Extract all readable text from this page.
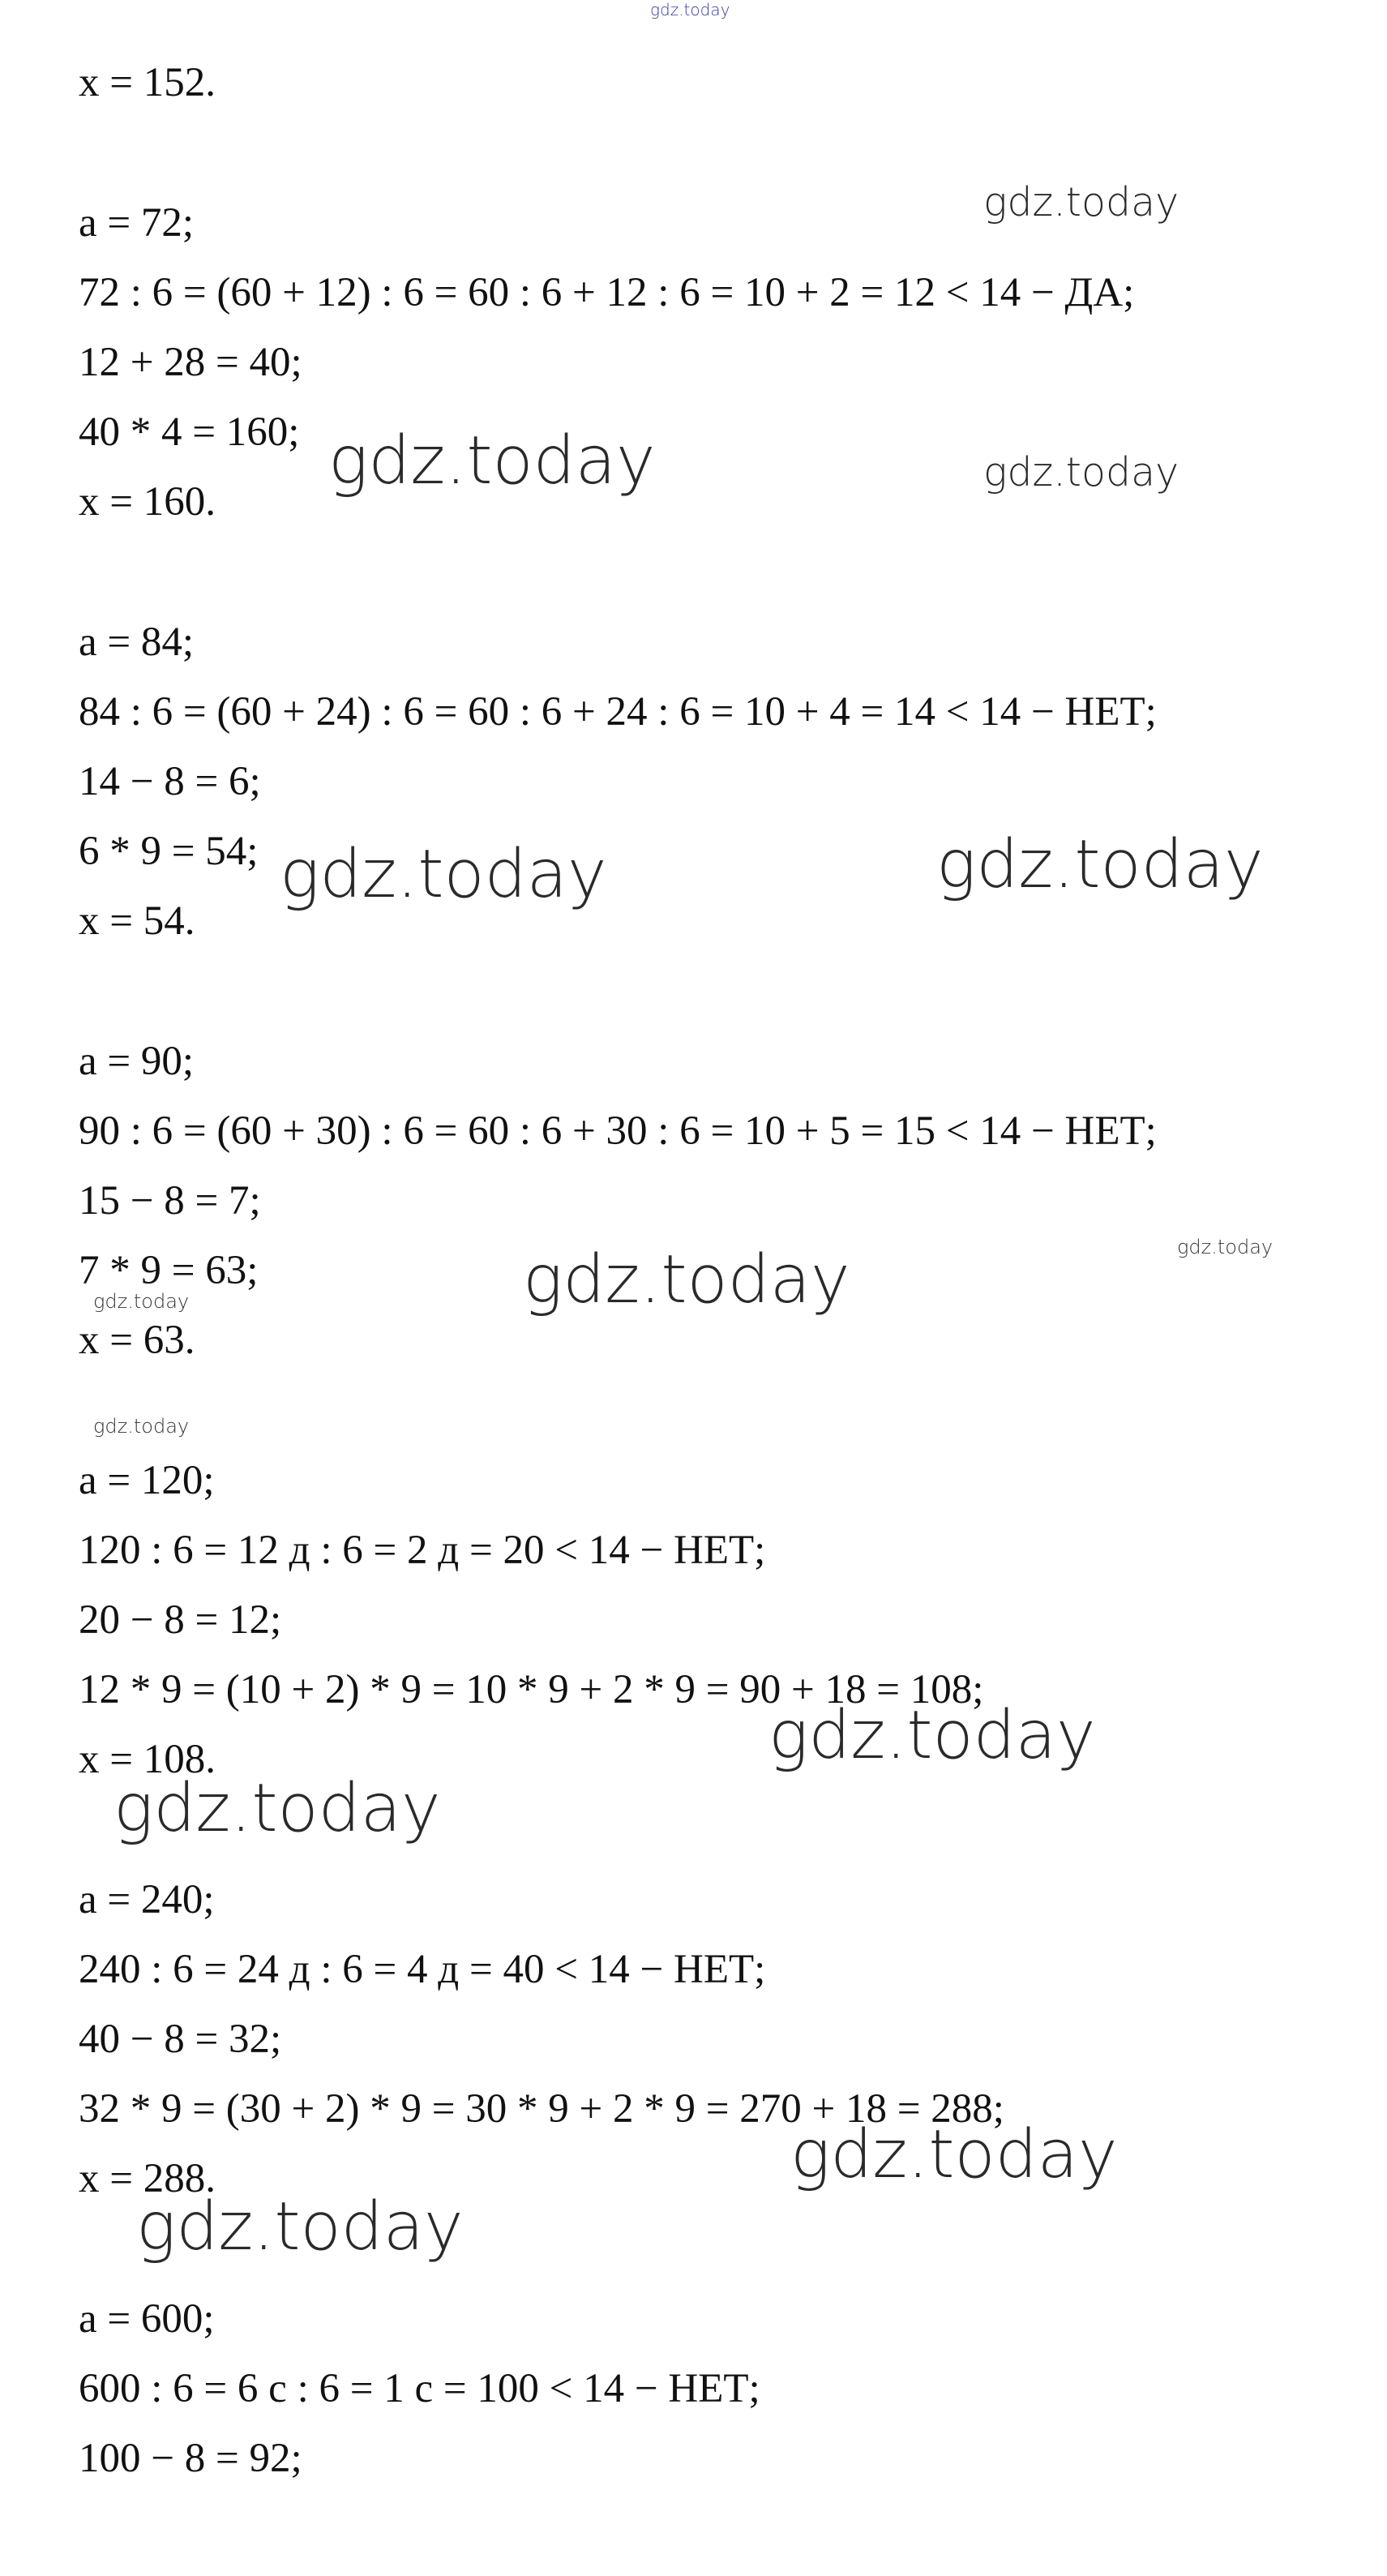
x = 152.
a = 72;
72 : 6 = (60 + 12) : 6 = 60 : 6 + 12 : 6 = 10 + 2 = 12 < 14 − ДА;
12 + 28 = 40;
40 * 4 = 160;
x = 160.
a = 84;
84 : 6 = (60 + 24) : 6 = 60 : 6 + 24 : 6 = 10 + 4 = 14 < 14 − НЕТ;
14 − 8 = 6;
6 * 9 = 54;
x = 54.
a = 90;
90 : 6 = (60 + 30) : 6 = 60 : 6 + 30 : 6 = 10 + 5 = 15 < 14 − НЕТ;
15 − 8 = 7;
7 * 9 = 63;
x = 63.
a = 120;
120 : 6 = 12 д : 6 = 2 д = 20 < 14 − НЕТ;
20 − 8 = 12;
12 * 9 = (10 + 2) * 9 = 10 * 9 + 2 * 9 = 90 + 18 = 108;
x = 108.
a = 240;
240 : 6 = 24 д : 6 = 4 д = 40 < 14 − НЕТ;
40 − 8 = 32;
32 * 9 = (30 + 2) * 9 = 30 * 9 + 2 * 9 = 270 + 18 = 288;
x = 288.
a = 600;
600 : 6 = 6 с : 6 = 1 с = 100 < 14 − НЕТ;
100 − 8 = 92;
gdz.today
gdz.today
gdz.today	gdz.today
gdz.today	gdz.today
gdz.today
gdz.today
gdz.today
gdz.today
gdz.today
gdz.today
gdz.today
gdz.today
